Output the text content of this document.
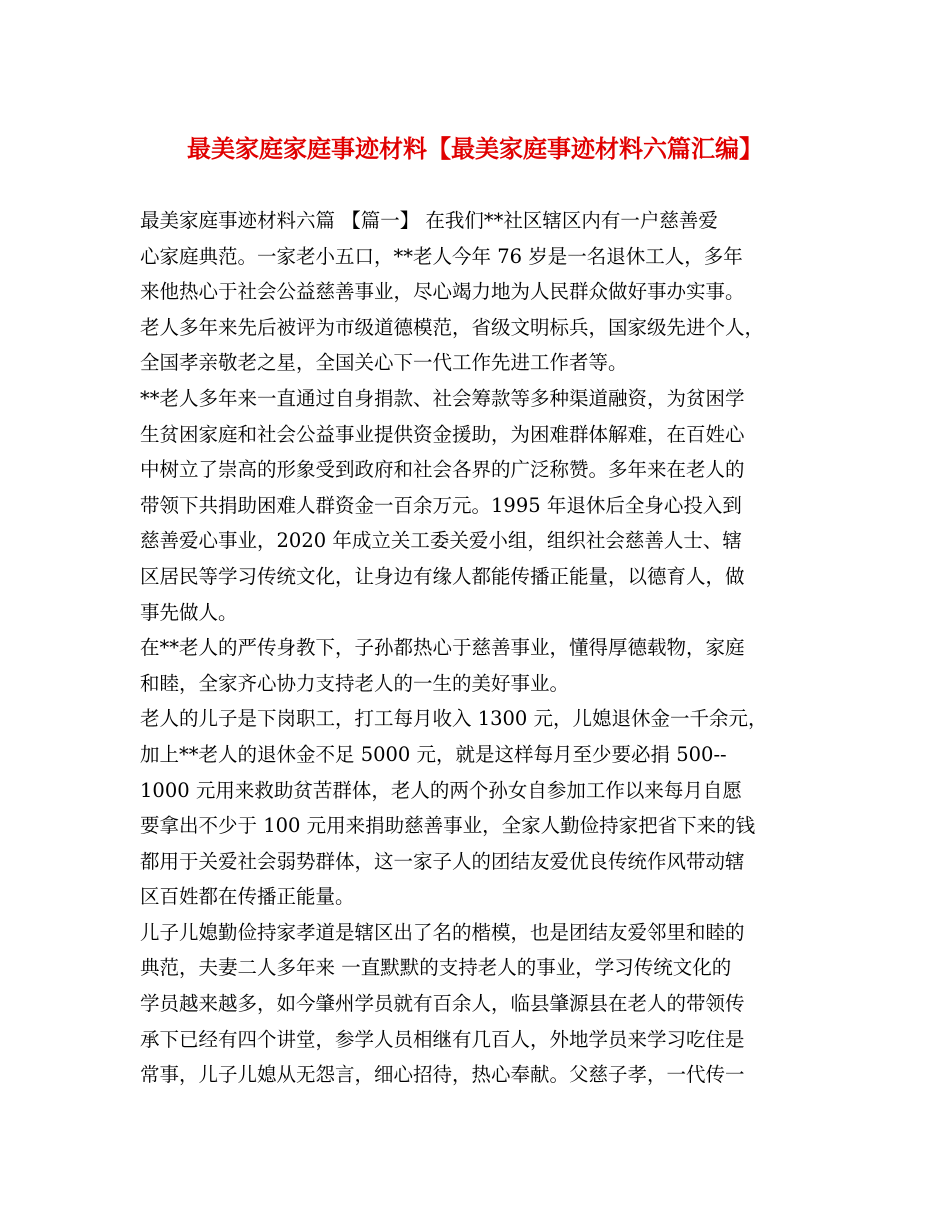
最美家庭家庭事迹材料【最美家庭事迹材料六篇汇编】

最美家庭事迹材料六篇 【篇一】 在我们**社区辖区内有一户慈善爱
心家庭典范。一家老小五口，**老人今年 76 岁是一名退休工人，多年
来他热心于社会公益慈善事业，尽心竭力地为人民群众做好事办实事。
老人多年来先后被评为市级道德模范，省级文明标兵，国家级先进个人，
全国孝亲敬老之星，全国关心下一代工作先进工作者等。

**老人多年来一直通过自身捐款、社会筹款等多种渠道融资，为贫困学
生贫困家庭和社会公益事业提供资金援助，为困难群体解难，在百姓心
中树立了崇高的形象受到政府和社会各界的广泛称赞。多年来在老人的
带领下共捐助困难人群资金一百余万元。1995 年退休后全身心投入到
慈善爱心事业，2020 年成立关工委关爱小组，组织社会慈善人士、辖
区居民等学习传统文化，让身边有缘人都能传播正能量，以德育人，做
事先做人。

在**老人的严传身教下，子孙都热心于慈善事业，懂得厚德载物，家庭
和睦，全家齐心协力支持老人的一生的美好事业。

老人的儿子是下岗职工，打工每月收入 1300 元，儿媳退休金一千余元，
加上**老人的退休金不足 5000 元，就是这样每月至少要必捐 500--
1000 元用来救助贫苦群体，老人的两个孙女自参加工作以来每月自愿
要拿出不少于 100 元用来捐助慈善事业，全家人勤俭持家把省下来的钱
都用于关爱社会弱势群体，这一家子人的团结友爱优良传统作风带动辖
区百姓都在传播正能量。

儿子儿媳勤俭持家孝道是辖区出了名的楷模，也是团结友爱邻里和睦的
典范，夫妻二人多年来 一直默默的支持老人的事业，学习传统文化的
学员越来越多，如今肇州学员就有百余人，临县肇源县在老人的带领传
承下已经有四个讲堂，参学人员相继有几百人，外地学员来学习吃住是
常事，儿子儿媳从无怨言，细心招待，热心奉献。父慈子孝，一代传一
